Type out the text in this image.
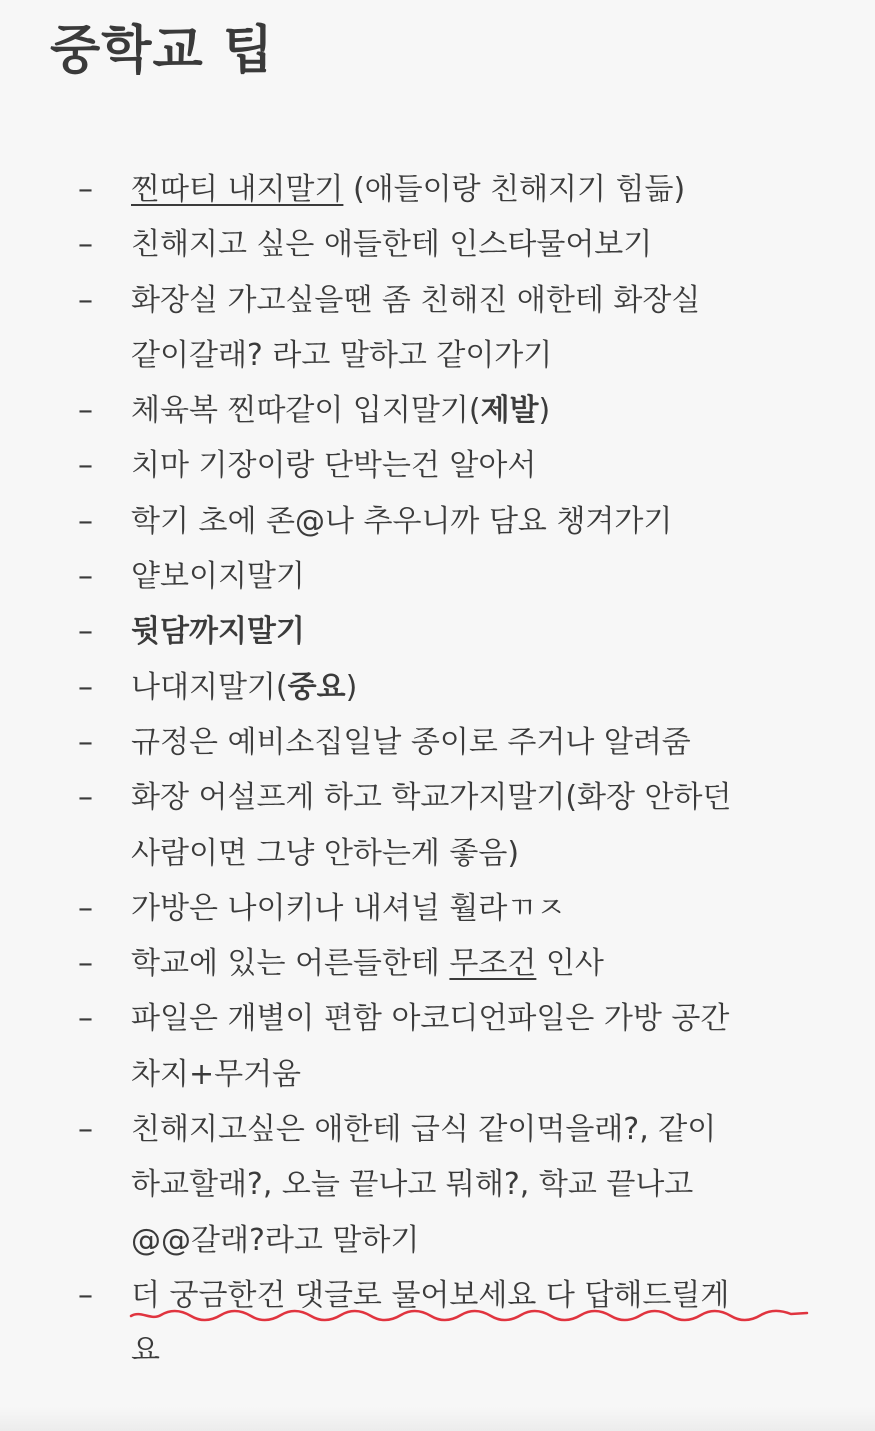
중학교 팁
– 찐따티 내지말기 (애들이랑 친해지기 힘듦)
– 친해지고 싶은 애들한테 인스타물어보기
– 화장실 가고싶을땐 좀 친해진 애한테 화장실
같이갈래? 라고 말하고 같이가기
– 체육복 찐따같이 입지말기(제발)
– 치마 기장이랑 단박는건 알아서
– 학기 초에 존@나 추우니까 담요 챙겨가기
– 얕보이지말기
– 뒷담까지말기
– 나대지말기(중요)
– 규정은 예비소집일날 종이로 주거나 알려줌
– 화장 어설프게 하고 학교가지말기(화장 안하던
사람이면 그냥 안하는게 좋음)
– 가방은 나이키나 내셔널 훨라ㄲㅈ
– 학교에 있는 어른들한테 무조건 인사
– 파일은 개별이 편함 아코디언파일은 가방 공간
차지+무거움
– 친해지고싶은 애한테 급식 같이먹을래?, 같이
하교할래?, 오늘 끝나고 뭐해?, 학교 끝나고
@@갈래?라고 말하기
– 더 궁금한건 댓글로 물어보세요 다 답해드릴게
요
